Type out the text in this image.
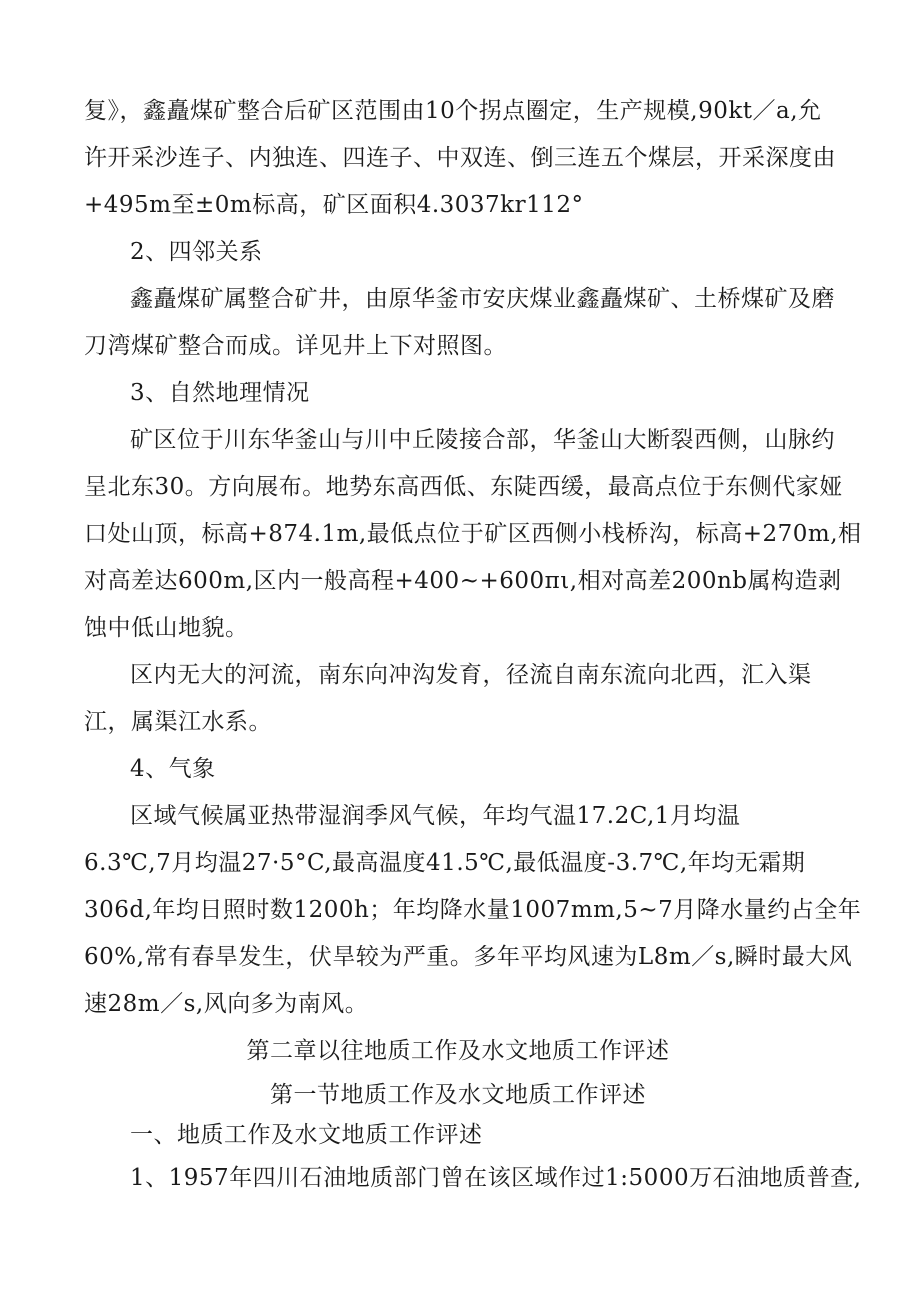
复》，鑫矗煤矿整合后矿区范围由10个拐点圈定，生产规模,90kt／a,允
许开采沙连子、内独连、四连子、中双连、倒三连五个煤层，开采深度由
+495m至±0m标高，矿区面积4.3037kr112°
2、四邻关系
鑫矗煤矿属整合矿井，由原华釜市安庆煤业鑫矗煤矿、土桥煤矿及磨
刀湾煤矿整合而成。详见井上下对照图。
3、自然地理情况
矿区位于川东华釜山与川中丘陵接合部，华釜山大断裂西侧，山脉约
呈北东30。方向展布。地势东高西低、东陡西缓，最高点位于东侧代家娅
口处山顶，标高+874.1m,最低点位于矿区西侧小栈桥沟，标高+270m,相
对高差达600m,区内一般高程+400~+600πι,相对高差200nb属构造剥
蚀中低山地貌。
区内无大的河流，南东向冲沟发育，径流自南东流向北西，汇入渠
江，属渠江水系。
4、气象
区域气候属亚热带湿润季风气候，年均气温17.2C,1月均温
6.3℃,7月均温27·5°C,最高温度41.5℃,最低温度-3.7℃,年均无霜期
306d,年均日照时数1200h；年均降水量1007mm,5~7月降水量约占全年
60%,常有春旱发生，伏旱较为严重。多年平均风速为L8m／s,瞬时最大风
速28m／s,风向多为南风。
第二章以往地质工作及水文地质工作评述
第一节地质工作及水文地质工作评述
一、地质工作及水文地质工作评述
1、1957年四川石油地质部门曾在该区域作过1:5000万石油地质普查,
